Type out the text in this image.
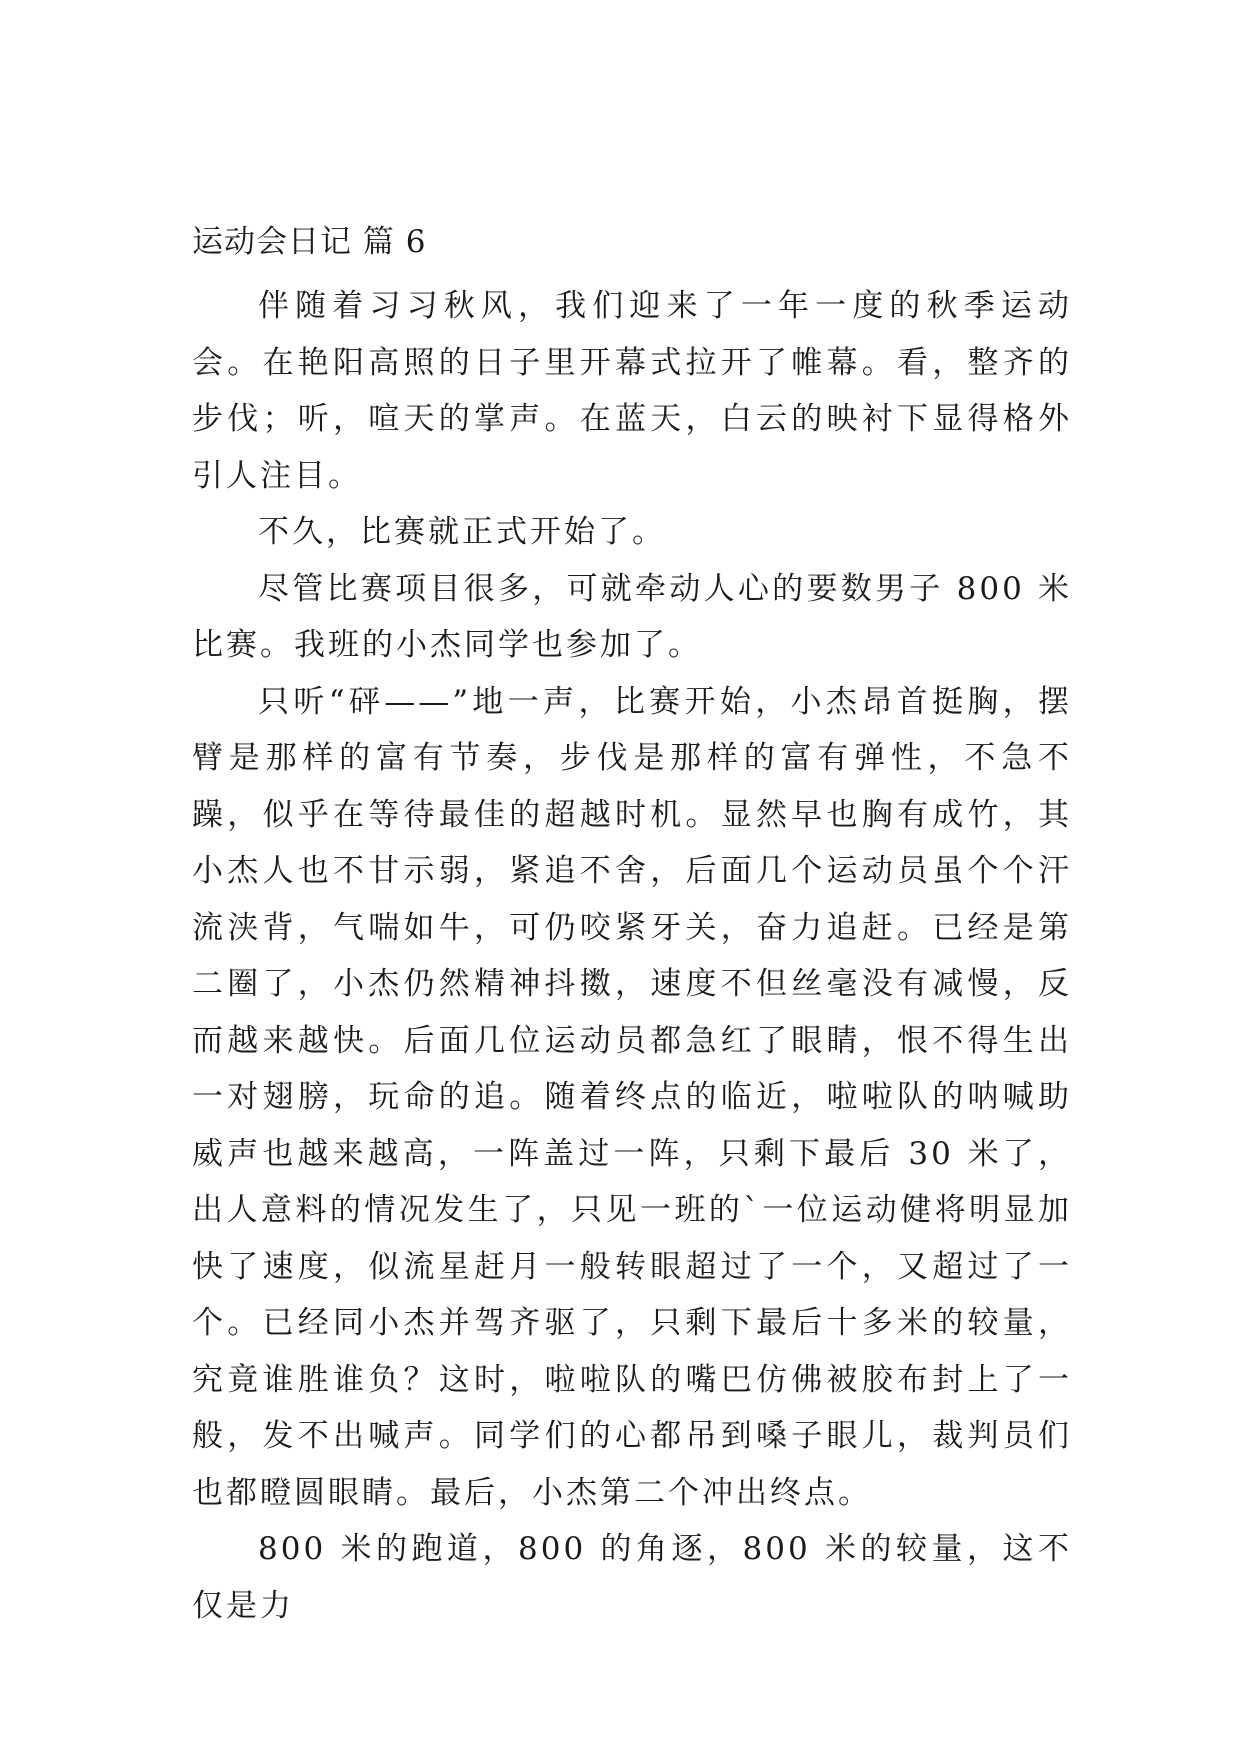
运动会日记 篇 6

伴随着习习秋风，我们迎来了一年一度的秋季运动会。在艳阳高照的日子里开幕式拉开了帷幕。看，整齐的步伐；听，喧天的掌声。在蓝天，白云的映衬下显得格外引人注目。

不久，比赛就正式开始了。

尽管比赛项目很多，可就牵动人心的要数男子 800 米比赛。我班的小杰同学也参加了。

只听“砰——”地一声，比赛开始，小杰昂首挺胸，摆臂是那样的富有节奏，步伐是那样的富有弹性，不急不躁，似乎在等待最佳的超越时机。显然早也胸有成竹，其小杰人也不甘示弱，紧追不舍，后面几个运动员虽个个汗流浃背，气喘如牛，可仍咬紧牙关，奋力追赶。已经是第二圈了，小杰仍然精神抖擞，速度不但丝毫没有减慢，反而越来越快。后面几位运动员都急红了眼睛，恨不得生出一对翅膀，玩命的追。随着终点的临近，啦啦队的呐喊助威声也越来越高，一阵盖过一阵，只剩下最后 30 米了，出人意料的情况发生了，只见一班的`一位运动健将明显加快了速度，似流星赶月一般转眼超过了一个，又超过了一个。已经同小杰并驾齐驱了，只剩下最后十多米的较量，究竟谁胜谁负？这时，啦啦队的嘴巴仿佛被胶布封上了一般，发不出喊声。同学们的心都吊到嗓子眼儿，裁判员们也都瞪圆眼睛。最后，小杰第二个冲出终点。

800 米的跑道，800 的角逐，800 米的较量，这不仅是力
